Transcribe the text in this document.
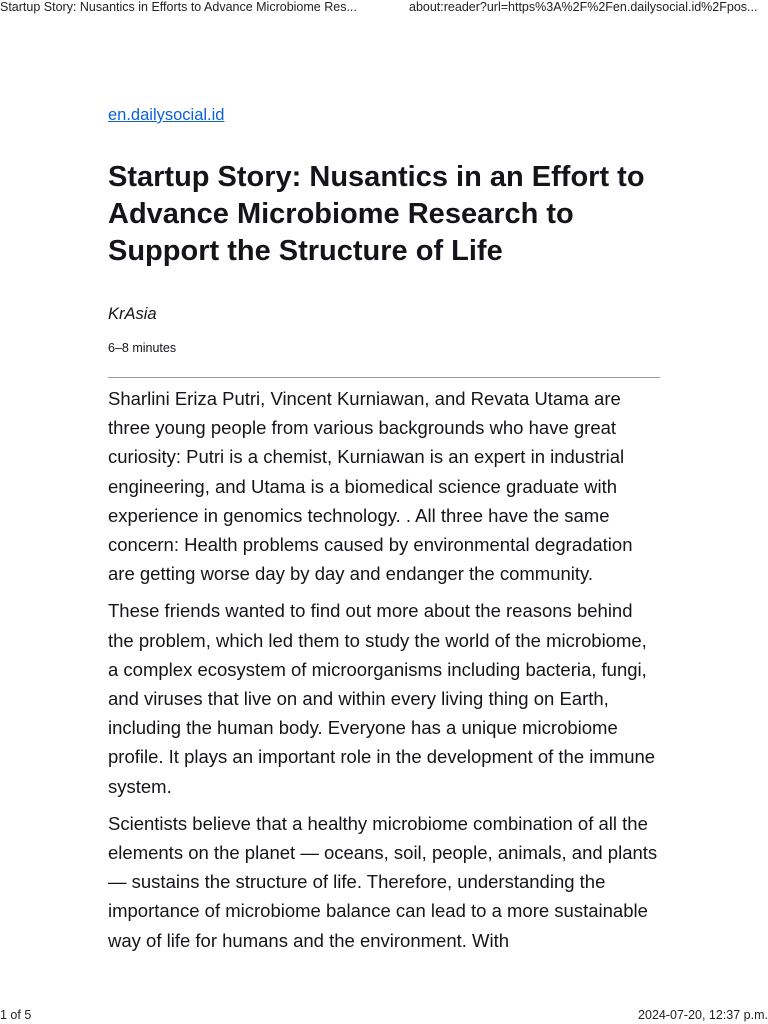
Startup Story: Nusantics in Efforts to Advance Microbiome Res...	about:reader?url=https%3A%2F%2Fen.dailysocial.id%2Fpos...
en.dailysocial.id
Startup Story: Nusantics in an Effort to Advance Microbiome Research to Support the Structure of Life
KrAsia
6–8 minutes

Sharlini Eriza Putri, Vincent Kurniawan, and Revata Utama are three young people from various backgrounds who have great curiosity: Putri is a chemist, Kurniawan is an expert in industrial engineering, and Utama is a biomedical science graduate with experience in genomics technology. . All three have the same concern: Health problems caused by environmental degradation are getting worse day by day and endanger the community.

These friends wanted to find out more about the reasons behind the problem, which led them to study the world of the microbiome, a complex ecosystem of microorganisms including bacteria, fungi, and viruses that live on and within every living thing on Earth, including the human body. Everyone has a unique microbiome profile. It plays an important role in the development of the immune system.

Scientists believe that a healthy microbiome combination of all the elements on the planet — oceans, soil, people, animals, and plants — sustains the structure of life. Therefore, understanding the importance of microbiome balance can lead to a more sustainable way of life for humans and the environment. With

1 of 5	2024-07-20, 12:37 p.m.
